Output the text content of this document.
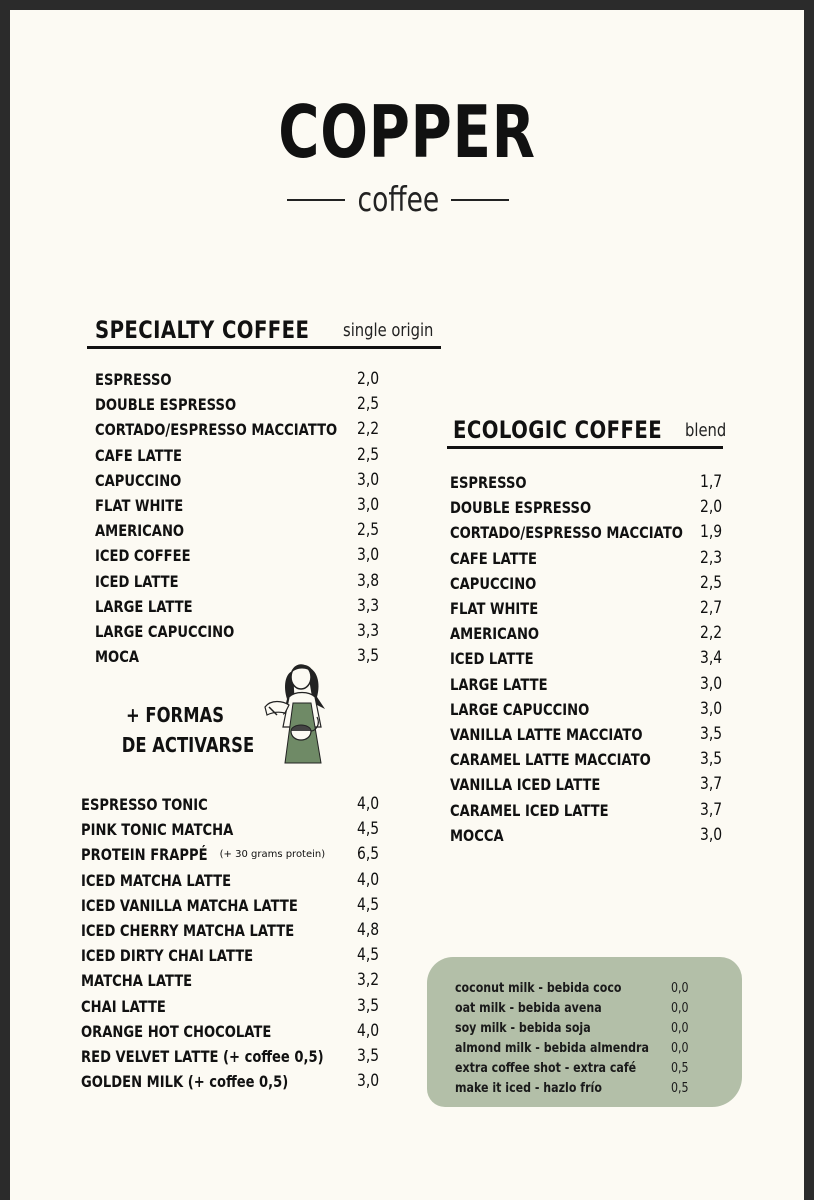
COPPER
coffee
SPECIALTY COFFEE single origin
ESPRESSO	2,0
DOUBLE ESPRESSO	2,5
CORTADO/ESPRESSO MACCIATTO 2,2
CAFE LATTE	2,5
CAPUCCINO	3,0
FLAT WHITE	3,0
AMERICANO	2,5
ICED COFFEE	3,0
ICED LATTE	3,8
LARGE LATTE	3,3
LARGE CAPUCCINO	3,3
MOCA	3,5
+ FORMAS
DE ACTIVARSE
ESPRESSO TONIC	4,0
PINK TONIC MATCHA	4,5
PROTEIN FRAPPÉ (+ 30 grams protein) 6,5
ICED MATCHA LATTE	4,0
ICED VANILLA MATCHA LATTE	4,5
ICED CHERRY MATCHA LATTE	4,8
ICED DIRTY CHAI LATTE	4,5
MATCHA LATTE	3,2
CHAI LATTE	3,5
ORANGE HOT CHOCOLATE	4,0
RED VELVET LATTE (+ coffee 0,5) 3,5
GOLDEN MILK (+ coffee 0,5)	3,0
ECOLOGIC COFFEE blend
ESPRESSO	1,7
DOUBLE ESPRESSO	2,0
CORTADO/ESPRESSO MACCIATO 1,9
CAFE LATTE	2,3
CAPUCCINO	2,5
FLAT WHITE	2,7
AMERICANO	2,2
ICED LATTE	3,4
LARGE LATTE	3,0
LARGE CAPUCCINO	3,0
VANILLA LATTE MACCIATO	3,5
CARAMEL LATTE MACCIATO	3,5
VANILLA ICED LATTE	3,7
CARAMEL ICED LATTE	3,7
MOCCA	3,0
coconut milk - bebida coco	0,0
oat milk - bebida avena	0,0
soy milk - bebida soja	0,0
almond milk - bebida almendra 0,0
extra coffee shot - extra café	0,5
make it iced - hazlo frío	0,5
